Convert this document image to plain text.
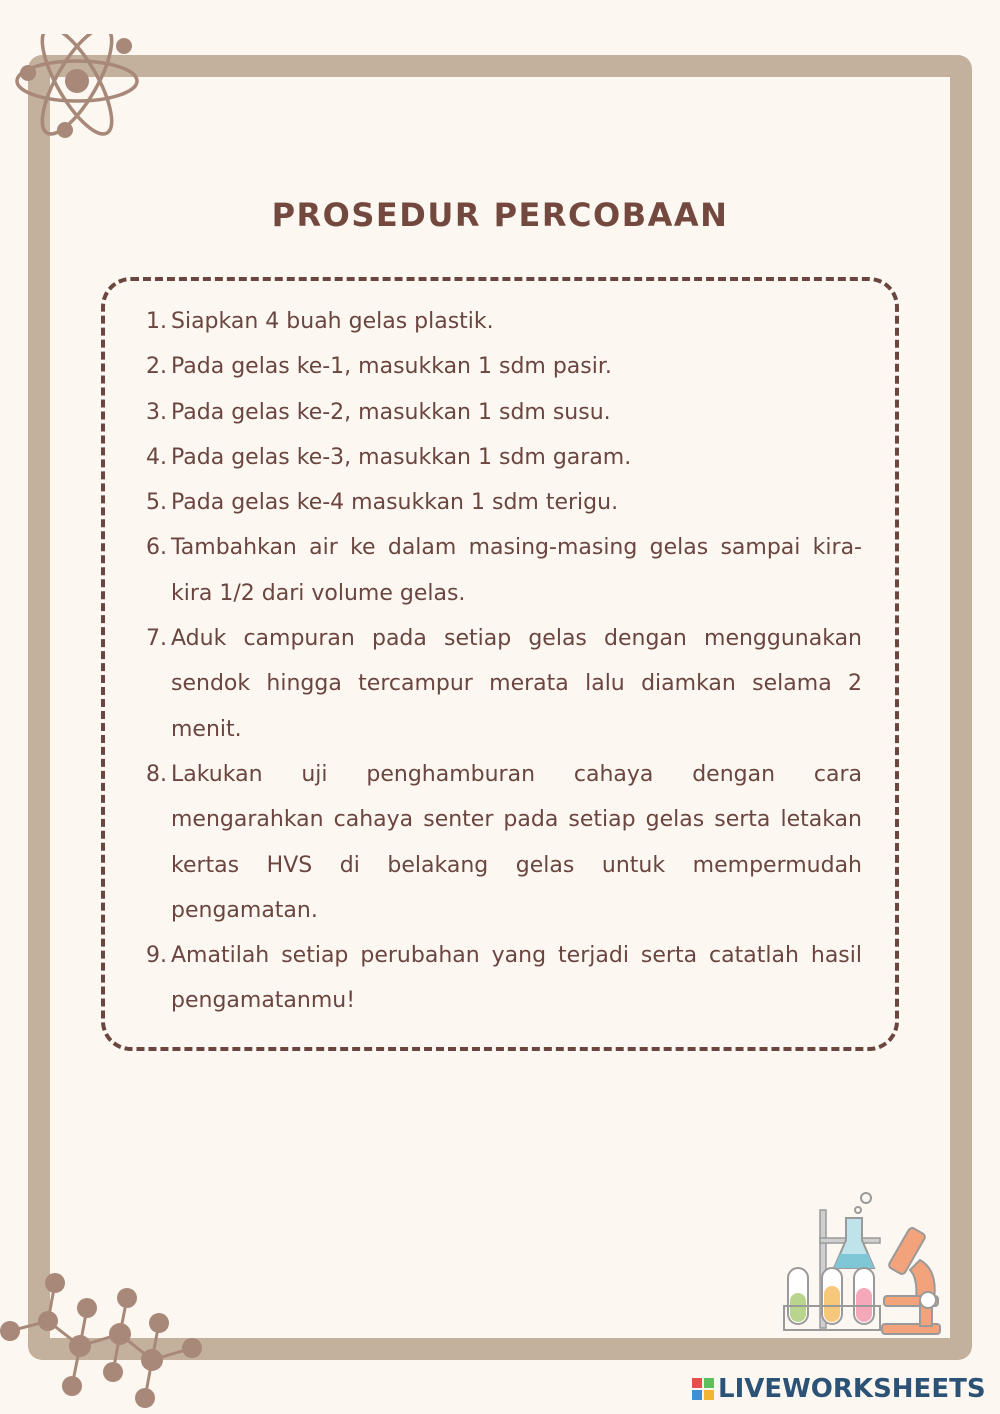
PROSEDUR PERCOBAAN
1. Siapkan 4 buah gelas plastik.
2. Pada gelas ke-1, masukkan 1 sdm pasir.
3. Pada gelas ke-2, masukkan 1 sdm susu.
4. Pada gelas ke-3, masukkan 1 sdm garam.
5. Pada gelas ke-4 masukkan 1 sdm terigu.
6. Tambahkan air ke dalam masing-masing gelas sampai kira-kira 1/2 dari volume gelas.
7. Aduk campuran pada setiap gelas dengan menggunakan sendok hingga tercampur merata lalu diamkan selama 2 menit.
8. Lakukan uji penghamburan cahaya dengan cara mengarahkan cahaya senter pada setiap gelas serta letakan kertas HVS di belakang gelas untuk mempermudah pengamatan.
9. Amatilah setiap perubahan yang terjadi serta catatlah hasil pengamatanmu!
LIVEWORKSHEETS
